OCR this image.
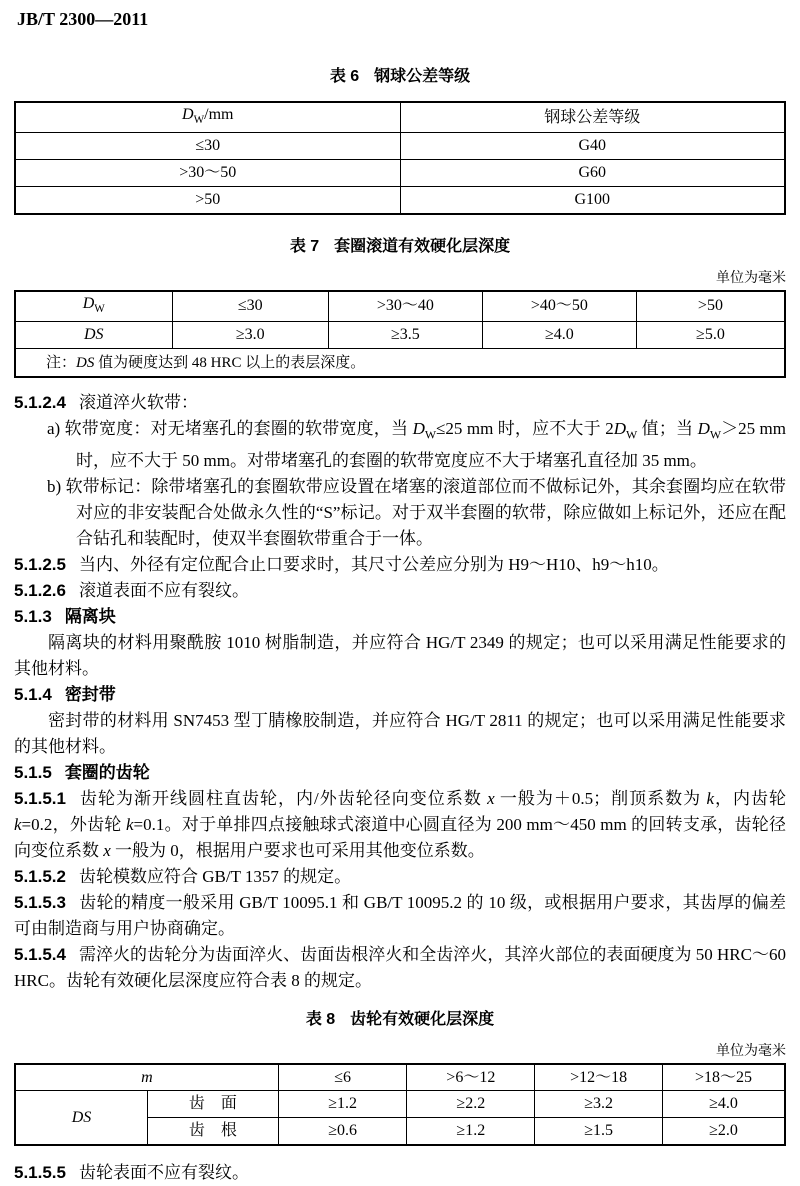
JB/T 2300—2011
表 6 钢球公差等级
$D_W/mm$	钢球公差等级
≤30	G40
>30～50	G60
>50	G100
表 7 套圈滚道有效硬化层深度
单位为毫米
$D_W$	≤30	>30～40	>40～50	>50
DS	≥3.0	≥3.5	≥4.0	≥5.0
注：DS 值为硬度达到 48 HRC 以上的表层深度。				

5.1.2.4 滚道淬火软带：

a) 软带宽度：对无堵塞孔的套圈的软带宽度，当 $D_W\le 25$ mm 时，应不大于 $2D_W$ 值；当 $D_W>25$ mm 时，应不大于 50 mm。对带堵塞孔的套圈的软带宽度应不大于堵塞孔直径加 35 mm。

b) 软带标记：除带堵塞孔的套圈软带应设置在堵塞的滚道部位而不做标记外，其余套圈均应在软带对应的非安装配合处做永久性的“S”标记。对于双半套圈的软带，除应做如上标记外，还应在配合钻孔和装配时，使双半套圈软带重合于一体。

5.1.2.5 当内、外径有定位配合止口要求时，其尺寸公差应分别为 H9～H10、h9～h10。

5.1.2.6 滚道表面不应有裂纹。

5.1.3 隔离块

隔离块的材料用聚酰胺 1010 树脂制造，并应符合 HG/T 2349 的规定；也可以采用满足性能要求的其他材料。

5.1.4 密封带

密封带的材料用 SN7453 型丁腈橡胶制造，并应符合 HG/T 2811 的规定；也可以采用满足性能要求的其他材料。

5.1.5 套圈的齿轮

5.1.5.1 齿轮为渐开线圆柱直齿轮，内/外齿轮径向变位系数 x 一般为＋0.5；削顶系数为 k，内齿轮 k=0.2，外齿轮 k=0.1。对于单排四点接触球式滚道中心圆直径为 200 mm～450 mm 的回转支承，齿轮径向变位系数 x 一般为 0，根据用户要求也可采用其他变位系数。

5.1.5.2 齿轮模数应符合 GB/T 1357 的规定。

5.1.5.3 齿轮的精度一般采用 GB/T 10095.1 和 GB/T 10095.2 的 10 级，或根据用户要求，其齿厚的偏差可由制造商与用户协商确定。

5.1.5.4 需淬火的齿轮分为齿面淬火、齿面齿根淬火和全齿淬火，其淬火部位的表面硬度为 50 HRC～60 HRC。齿轮有效硬化层深度应符合表 8 的规定。

表 8 齿轮有效硬化层深度
单位为毫米
m		≤6	>6～12	>12～18	>18～25
DS	齿　面	≥1.2	≥2.2	≥3.2	≥4.0
	齿　根	≥0.6	≥1.2	≥1.5	≥2.0

5.1.5.5 齿轮表面不应有裂纹。
